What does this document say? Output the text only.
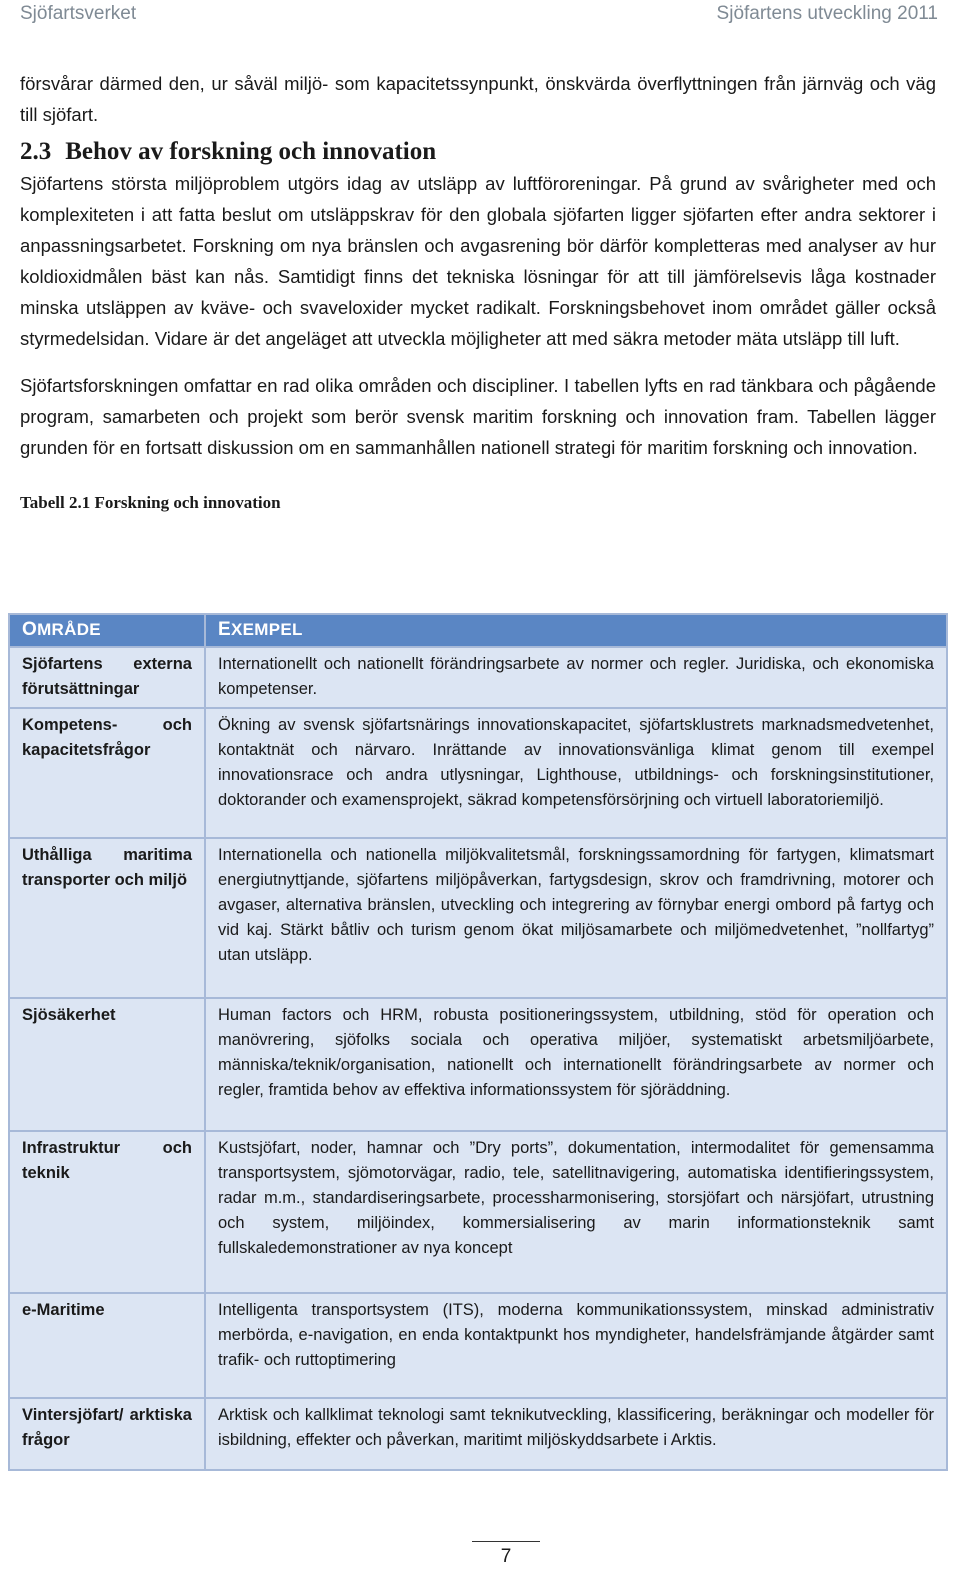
Sjöfartsverket	Sjöfartens utveckling 2011

försvårar därmed den, ur såväl miljö- som kapacitetssynpunkt, önskvärda överflyttningen från järnväg och väg till sjöfart.

2.3 Behov av forskning och innovation

Sjöfartens största miljöproblem utgörs idag av utsläpp av luftföroreningar. På grund av svårigheter med och komplexiteten i att fatta beslut om utsläppskrav för den globala sjöfarten ligger sjöfarten efter andra sektorer i anpassningsarbetet. Forskning om nya bränslen och avgasrening bör därför kompletteras med analyser av hur koldioxidmålen bäst kan nås. Samtidigt finns det tekniska lösningar för att till jämförelsevis låga kostnader minska utsläppen av kväve- och svaveloxider mycket radikalt. Forskningsbehovet inom området gäller också styrmedelsidan. Vidare är det angeläget att utveckla möjligheter att med säkra metoder mäta utsläpp till luft.

Sjöfartsforskningen omfattar en rad olika områden och discipliner. I tabellen lyfts en rad tänkbara och pågående program, samarbeten och projekt som berör svensk maritim forskning och innovation fram. Tabellen lägger grunden för en fortsatt diskussion om en sammanhållen nationell strategi för maritim forskning och innovation.

Tabell 2.1 Forskning och innovation
OMRÅDE	EXEMPEL
Sjöfartens externa förutsättningar	Internationellt och nationellt förändringsarbete av normer och regler. Juridiska, och ekonomiska kompetenser.
Kompetens- och kapacitetsfrågor	Ökning av svensk sjöfartsnärings innovationskapacitet, sjöfartsklustrets marknadsmedvetenhet, kontaktnät och närvaro. Inrättande av innovationsvänliga klimat genom till exempel innovationsrace och andra utlysningar, Lighthouse, utbildnings- och forskningsinstitutioner, doktorander och examensprojekt, säkrad kompetensförsörjning och virtuell laboratoriemiljö.
Uthålliga maritima transporter och miljö	Internationella och nationella miljökvalitetsmål, forskningssamordning för fartygen, klimatsmart energiutnyttjande, sjöfartens miljöpåverkan, fartygsdesign, skrov och framdrivning, motorer och avgaser, alternativa bränslen, utveckling och integrering av förnybar energi ombord på fartyg och vid kaj. Stärkt båtliv och turism genom ökat miljösamarbete och miljömedvetenhet, ”nollfartyg” utan utsläpp.
Sjösäkerhet	Human factors och HRM, robusta positioneringssystem, utbildning, stöd för operation och manövrering, sjöfolks sociala och operativa miljöer, systematiskt arbetsmiljöarbete, människa/teknik/organisation, nationellt och internationellt förändringsarbete av normer och regler, framtida behov av effektiva informationssystem för sjöräddning.
Infrastruktur och teknik	Kustsjöfart, noder, hamnar och ”Dry ports”, dokumentation, intermodalitet för gemensamma transportsystem, sjömotorvägar, radio, tele, satellitnavigering, automatiska identifieringssystem, radar m.m., standardiseringsarbete, processharmonisering, storsjöfart och närsjöfart, utrustning och system, miljöindex, kommersialisering av marin informationsteknik samt fullskaledemonstrationer av nya koncept
e-Maritime	Intelligenta transportsystem (ITS), moderna kommunikationssystem, minskad administrativ merbörda, e-navigation, en enda kontaktpunkt hos myndigheter, handelsfrämjande åtgärder samt trafik- och ruttoptimering
Vintersjöfart/ arktiska frågor	Arktisk och kallklimat teknologi samt teknikutveckling, klassificering, beräkningar och modeller för isbildning, effekter och påverkan, maritimt miljöskyddsarbete i Arktis.
7
